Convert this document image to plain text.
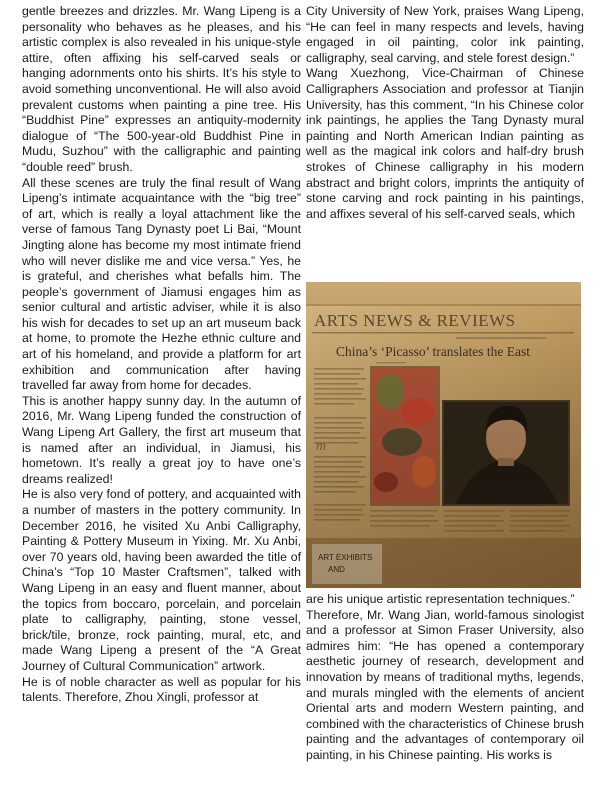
gentle breezes and drizzles. Mr. Wang Lipeng is a personality who behaves as he pleases, and his artistic complex is also revealed in his unique-style attire, often affixing his self-carved seals or hanging adornments onto his shirts. It’s his style to avoid something unconventional. He will also avoid prevalent customs when painting a pine tree. His “Buddhist Pine” expresses an antiquity-modernity dialogue of “The 500-year-old Buddhist Pine in Mudu, Suzhou” with the calligraphic and painting “double reed” brush.

All these scenes are truly the final result of Wang Lipeng’s intimate acquaintance with the “big tree” of art, which is really a loyal attachment like the verse of famous Tang Dynasty poet Li Bai, “Mount Jingting alone has become my most intimate friend who will never dislike me and vice versa.” Yes, he is grateful, and cherishes what befalls him. The people’s government of Jiamusi engages him as senior cultural and artistic adviser, while it is also his wish for decades to set up an art museum back at home, to promote the Hezhe ethnic culture and art of his homeland, and provide a platform for art exhibition and communication after having travelled far away from home for decades.

This is another happy sunny day. In the autumn of 2016, Mr. Wang Lipeng funded the construction of Wang Lipeng Art Gallery, the first art museum that is named after an individual, in Jiamusi, his hometown. It’s really a great joy to have one’s dreams realized!

He is also very fond of pottery, and acquainted with a number of masters in the pottery community. In December 2016, he visited Xu Anbi Calligraphy, Painting & Pottery Museum in Yixing. Mr. Xu Anbi, over 70 years old, having been awarded the title of China’s “Top 10 Master Craftsmen”, talked with Wang Lipeng in an easy and fluent manner, about the topics from boccaro, porcelain, and porcelain plate to calligraphy, painting, stone vessel, brick/tile, bronze, rock painting, mural, etc, and made Wang Lipeng a present of the “A Great Journey of Cultural Communication” artwork.

He is of noble character as well as popular for his talents. Therefore, Zhou Xingli, professor at

City University of New York, praises Wang Lipeng, “He can feel in many respects and levels, having engaged in oil painting, color ink painting, calligraphy, seal carving, and stele forest design.”

Wang Xuezhong, Vice-Chairman of Chinese Calligraphers Association and professor at Tianjin University, has this comment, “In his Chinese color ink paintings, he applies the Tang Dynasty mural painting and North American Indian painting as well as the magical ink colors and half-dry brush strokes of Chinese calligraphy in his modern abstract and bright colors, imprints the antiquity of stone carving and rock painting in his paintings, and affixes several of his self-carved seals, which

are his unique artistic representation techniques.”

Therefore, Mr. Wang Jian, world-famous sinologist and a professor at Simon Fraser University, also admires him: “He has opened a contemporary aesthetic journey of research, development and innovation by means of traditional myths, legends, and murals mingled with the elements of ancient Oriental arts and modern Western painting, and combined with the characteristics of Chinese brush painting and the advantages of contemporary oil painting, in his Chinese painting. His works is
